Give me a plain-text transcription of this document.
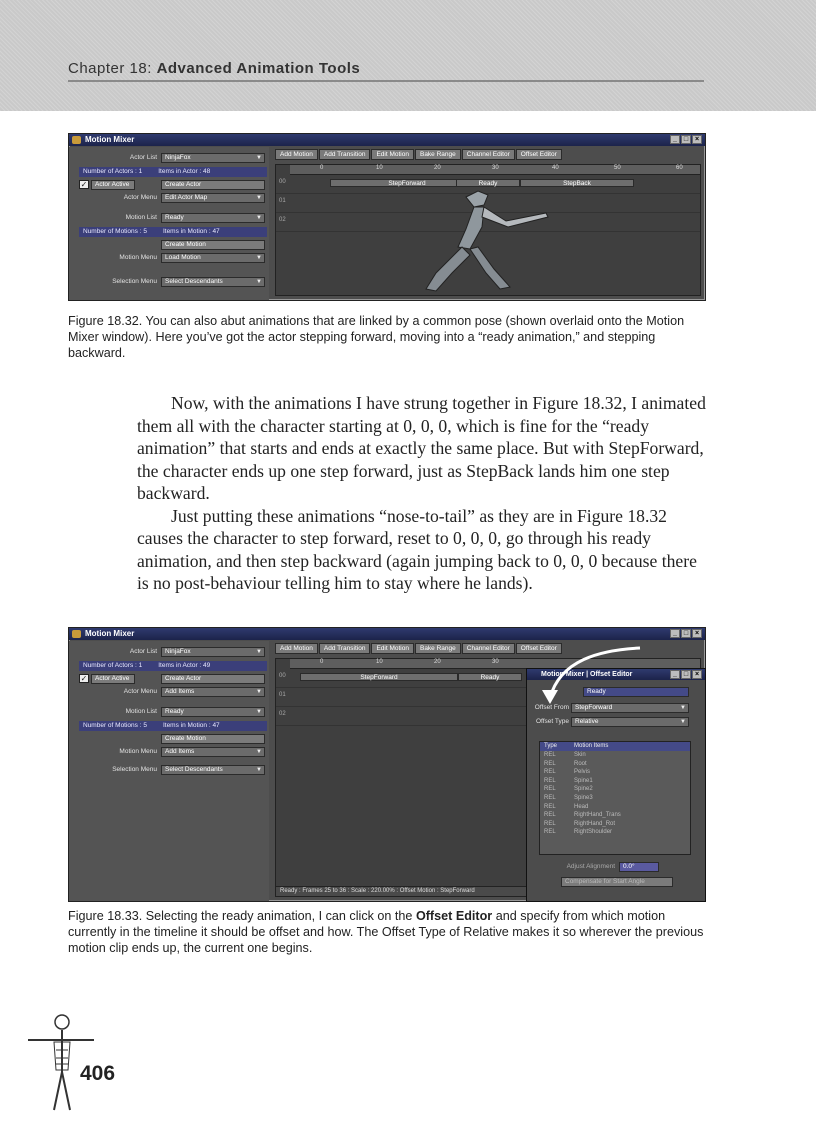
Chapter 18: Advanced Animation Tools
Motion Mixer	_ □ ×
Actor List	NinjaFox	▼
Number of Actors : 1 Items in Actor : 48
✓	Actor Active	Create Actor
Actor Menu	Edit Actor Map	▼
Motion List	Ready	▼
Number of Motions : 5 Items in Motion : 47
Create Motion
Motion Menu	Load Motion	▼
Selection Menu	Select Descendants	▼
Add Motion	Add Transition	Edit Motion	Bake Range	Channel Editor	Offset Editor
0	10	20	30	40	50	60
00	StepForward	Ready	StepBack
01
02
Figure 18.32. You can also abut animations that are linked by a common pose (shown overlaid onto the Motion Mixer window). Here you’ve got the actor stepping forward, moving into a “ready animation,” and stepping backward.

Now, with the animations I have strung together in Figure 18.32, I animated them all with the character starting at 0, 0, 0, which is fine for the “ready animation” that starts and ends at exactly the same place. But with StepForward, the character ends up one step forward, just as StepBack lands him one step backward.

Just putting these animations “nose-to-tail” as they are in Figure 18.32 causes the character to step forward, reset to 0, 0, 0, go through his ready animation, and then step backward (again jumping back to 0, 0, 0 because there is no post-behaviour telling him to stay where he lands).

Motion Mixer	_ □ ×
Actor List	NinjaFox	▼
Number of Actors : 1 Items in Actor : 49
✓	Actor Active	Create Actor
Actor Menu	Add Items	▼
Motion List	Ready	▼
Number of Motions : 5 Items in Motion : 47
Create Motion
Motion Menu	Add Items	▼
Selection Menu	Select Descendants	▼
Add Motion	Add Transition	Edit Motion	Bake Range	Channel Editor	Offset Editor
0	10	20	30
00	StepForward	Ready
01
02
Ready : Frames 25 to 36 : Scale : 220.00% : Offset Motion : StepForward
Motion Mixer | Offset Editor	_ □ ×
Ready
Offset From StepForward	▼
Offset Type Relative	▼
Type	Motion Items
REL	Skin
REL	Root
REL	Pelvis
REL	Spine1
REL	Spine2
REL	Spine3
REL	Head
REL	RightHand_Trans
REL	RightHand_Rot
REL	RightShoulder
Adjust Alignment	0.0°
Compensate for Start Angle
Figure 18.33. Selecting the ready animation, I can click on the Offset Editor and specify from which motion currently in the timeline it should be offset and how. The Offset Type of Relative makes it so wherever the previous motion clip ends up, the current one begins.
406
